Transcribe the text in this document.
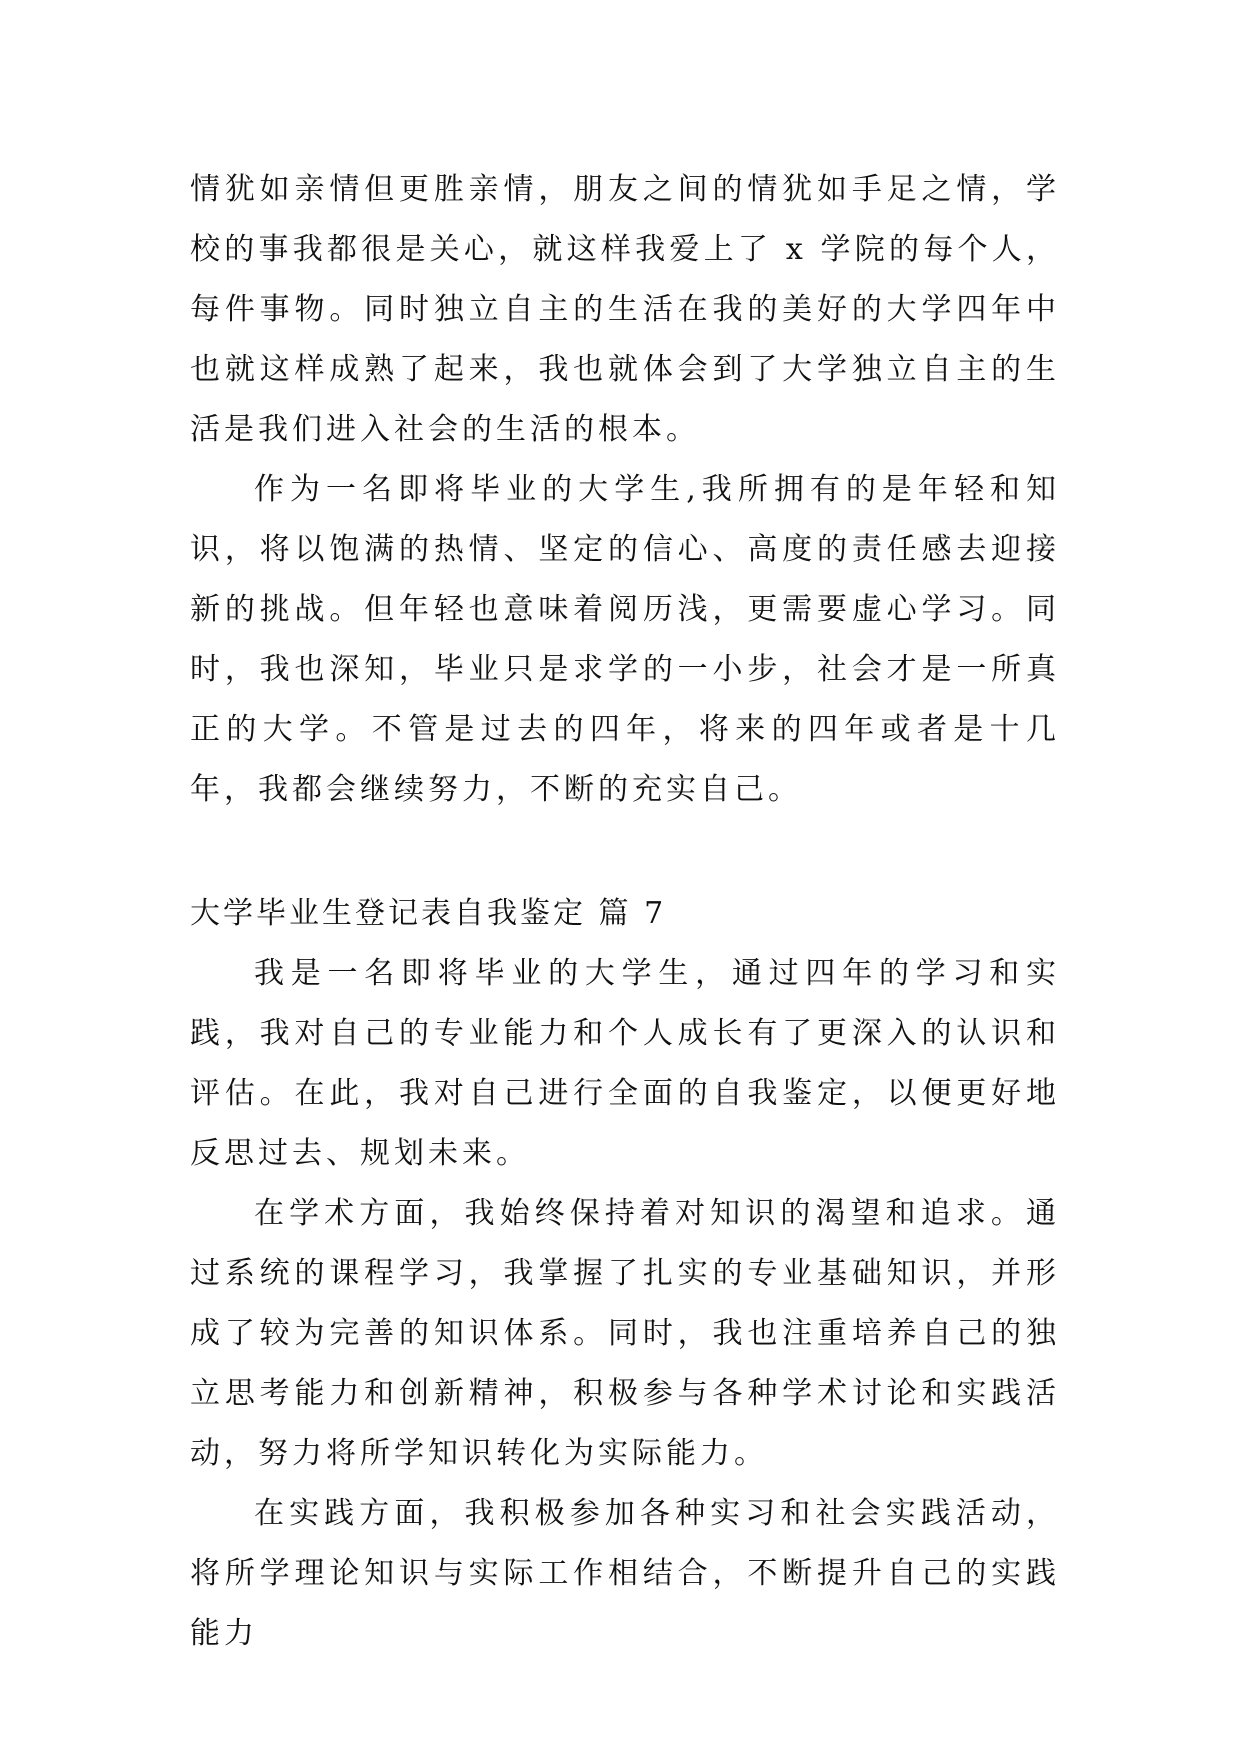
情犹如亲情但更胜亲情，朋友之间的情犹如手足之情，学校的事我都很是关心，就这样我爱上了 x 学院的每个人，每件事物。同时独立自主的生活在我的美好的大学四年中也就这样成熟了起来，我也就体会到了大学独立自主的生活是我们进入社会的生活的根本。

作为一名即将毕业的大学生,我所拥有的是年轻和知识，将以饱满的热情、坚定的信心、高度的责任感去迎接新的挑战。但年轻也意味着阅历浅，更需要虚心学习。同时，我也深知，毕业只是求学的一小步，社会才是一所真正的大学。不管是过去的四年，将来的四年或者是十几年，我都会继续努力，不断的充实自己。

大学毕业生登记表自我鉴定 篇 7

我是一名即将毕业的大学生，通过四年的学习和实践，我对自己的专业能力和个人成长有了更深入的认识和评估。在此，我对自己进行全面的自我鉴定，以便更好地反思过去、规划未来。

在学术方面，我始终保持着对知识的渴望和追求。通过系统的课程学习，我掌握了扎实的专业基础知识，并形成了较为完善的知识体系。同时，我也注重培养自己的独立思考能力和创新精神，积极参与各种学术讨论和实践活动，努力将所学知识转化为实际能力。

在实践方面，我积极参加各种实习和社会实践活动，将所学理论知识与实际工作相结合，不断提升自己的实践能力
